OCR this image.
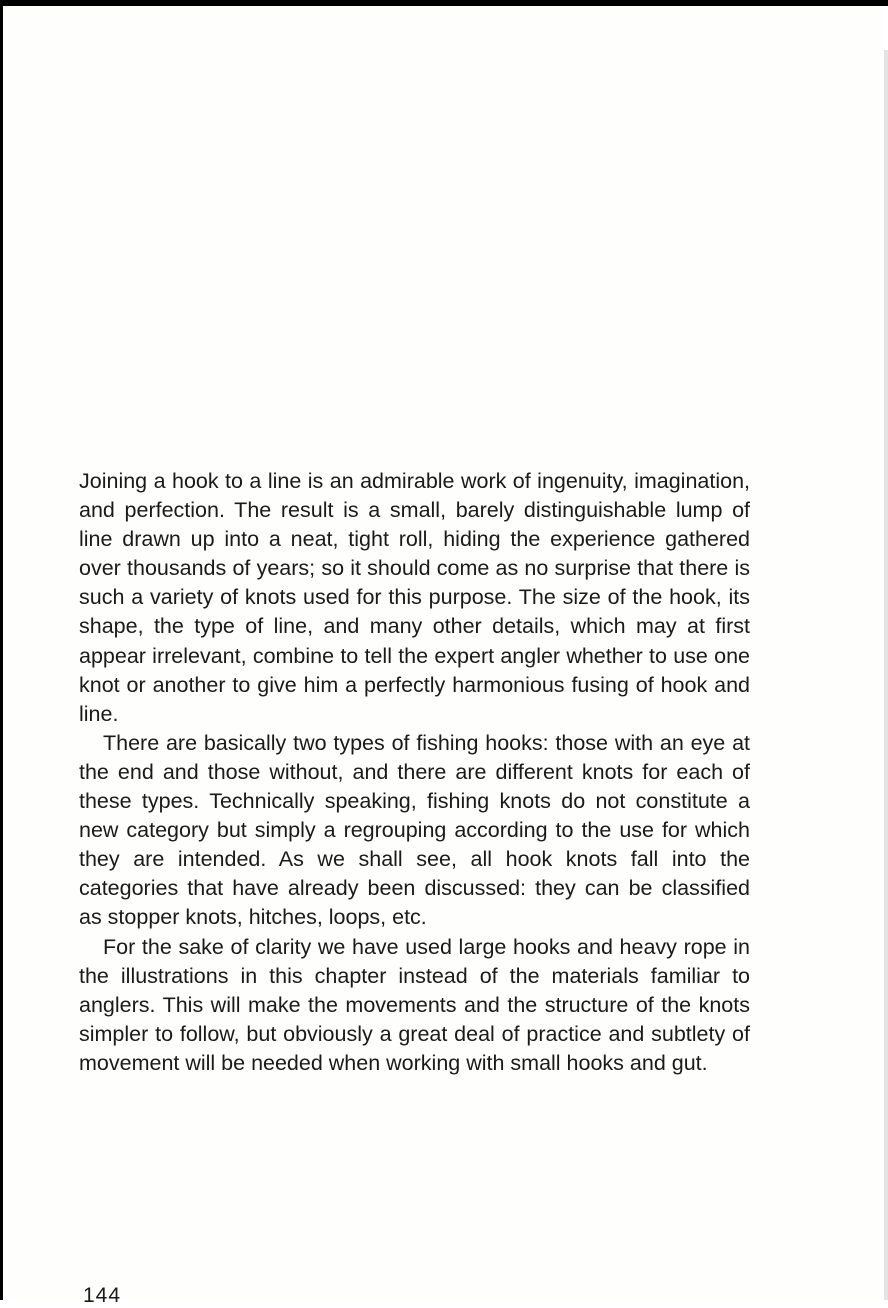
Joining a hook to a line is an admirable work of ingenuity, imagination, and perfection. The result is a small, barely distinguishable lump of line drawn up into a neat, tight roll, hiding the experience gathered over thousands of years; so it should come as no surprise that there is such a variety of knots used for this purpose. The size of the hook, its shape, the type of line, and many other details, which may at first appear irrelevant, combine to tell the expert angler whether to use one knot or another to give him a perfectly harmonious fusing of hook and line.

There are basically two types of fishing hooks: those with an eye at the end and those without, and there are different knots for each of these types. Technically speaking, fishing knots do not constitute a new category but simply a regrouping according to the use for which they are intended. As we shall see, all hook knots fall into the categories that have already been discussed: they can be classified as stopper knots, hitches, loops, etc.

For the sake of clarity we have used large hooks and heavy rope in the illustrations in this chapter instead of the materials familiar to anglers. This will make the movements and the structure of the knots simpler to follow, but obviously a great deal of practice and subtlety of movement will be needed when working with small hooks and gut.

144
